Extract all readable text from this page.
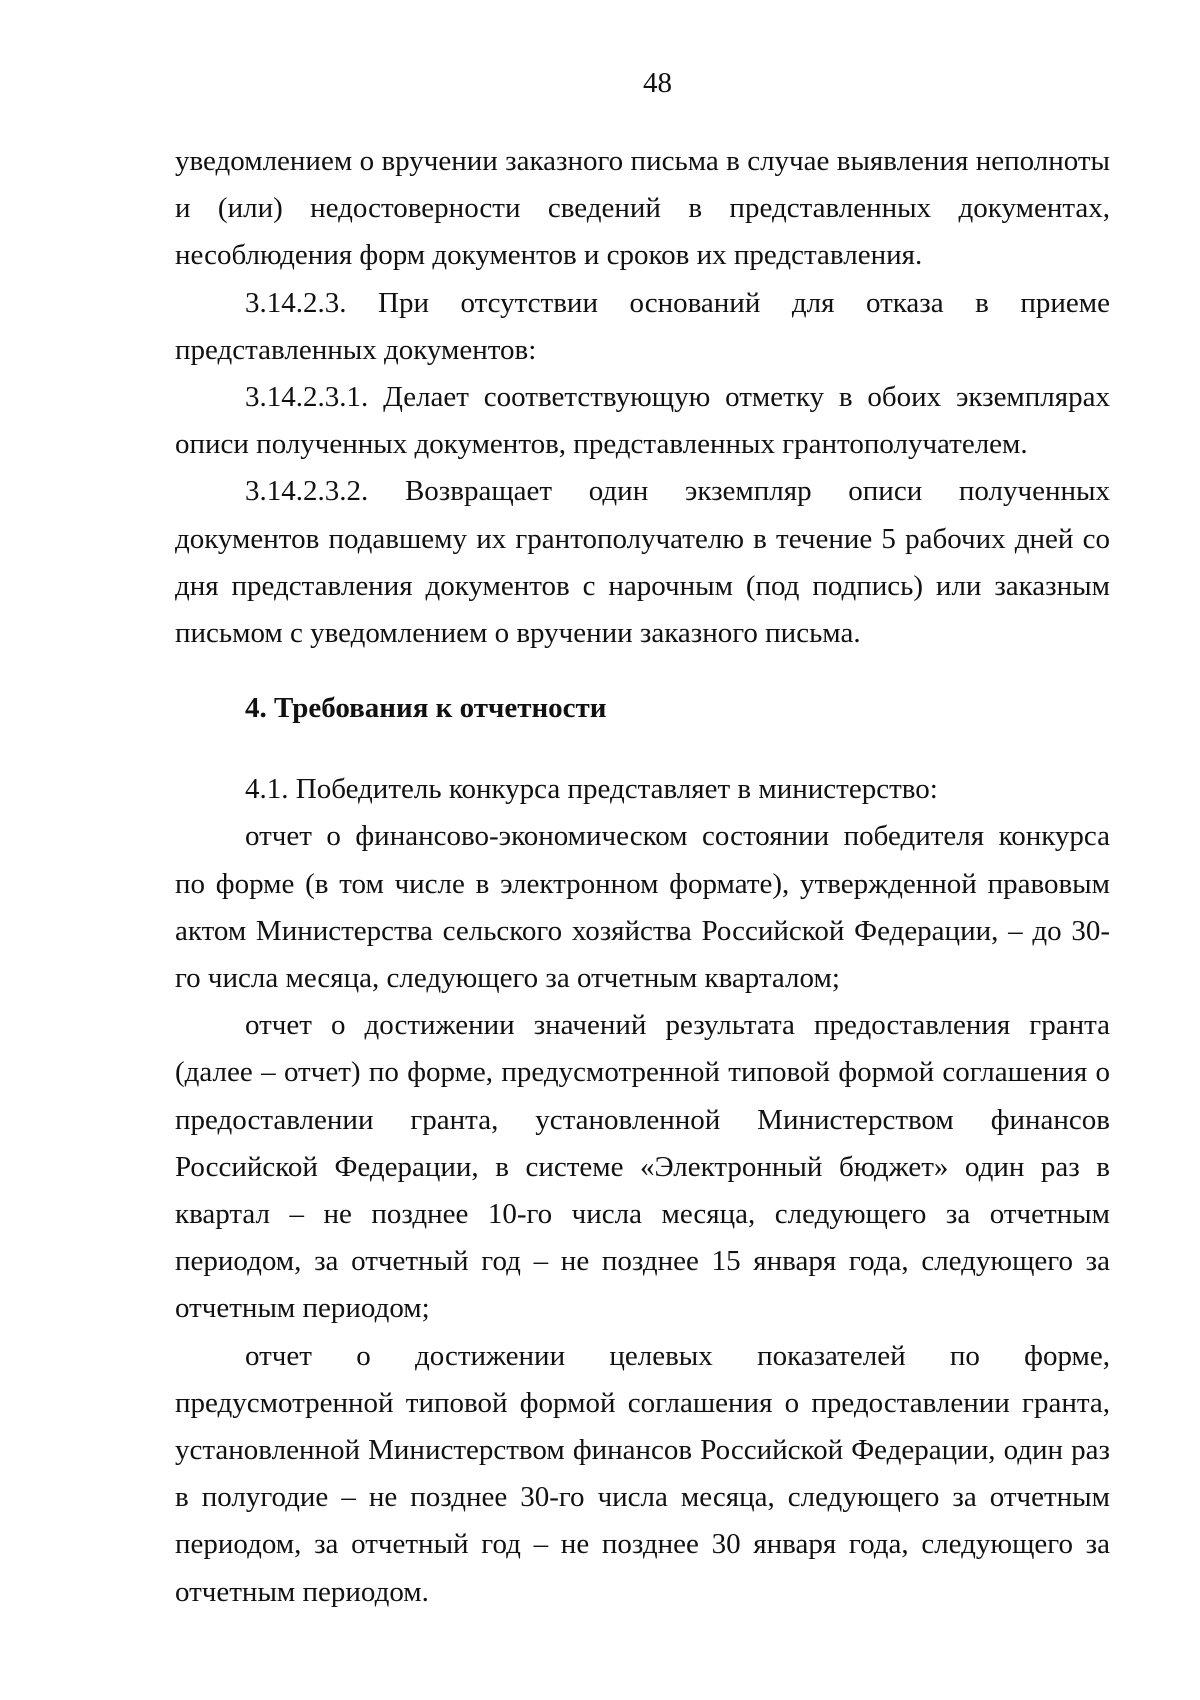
48

уведомлением о вручении заказного письма в случае выявления неполноты и (или) недостоверности сведений в представленных документах, несоблюдения форм документов и сроков их представления.

3.14.2.3. При отсутствии оснований для отказа в приеме представленных документов:

3.14.2.3.1. Делает соответствующую отметку в обоих экземплярах описи полученных документов, представленных грантополучателем.

3.14.2.3.2. Возвращает один экземпляр описи полученных документов подавшему их грантополучателю в течение 5 рабочих дней со дня представления документов с нарочным (под подпись) или заказным письмом с уведомлением о вручении заказного письма.

4. Требования к отчетности

4.1. Победитель конкурса представляет в министерство:

отчет о финансово-экономическом состоянии победителя конкурса по форме (в том числе в электронном формате), утвержденной правовым актом Министерства сельского хозяйства Российской Федерации, – до 30-го числа месяца, следующего за отчетным кварталом;

отчет о достижении значений результата предоставления гранта (далее – отчет) по форме, предусмотренной типовой формой соглашения о предоставлении гранта, установленной Министерством финансов Российской Федерации, в системе «Электронный бюджет» один раз в квартал – не позднее 10-го числа месяца, следующего за отчетным периодом, за отчетный год – не позднее 15 января года, следующего за отчетным периодом;

отчет о достижении целевых показателей по форме, предусмотренной типовой формой соглашения о предоставлении гранта, установленной Министерством финансов Российской Федерации, один раз в полугодие – не позднее 30-го числа месяца, следующего за отчетным периодом, за отчетный год – не позднее 30 января года, следующего за отчетным периодом.
